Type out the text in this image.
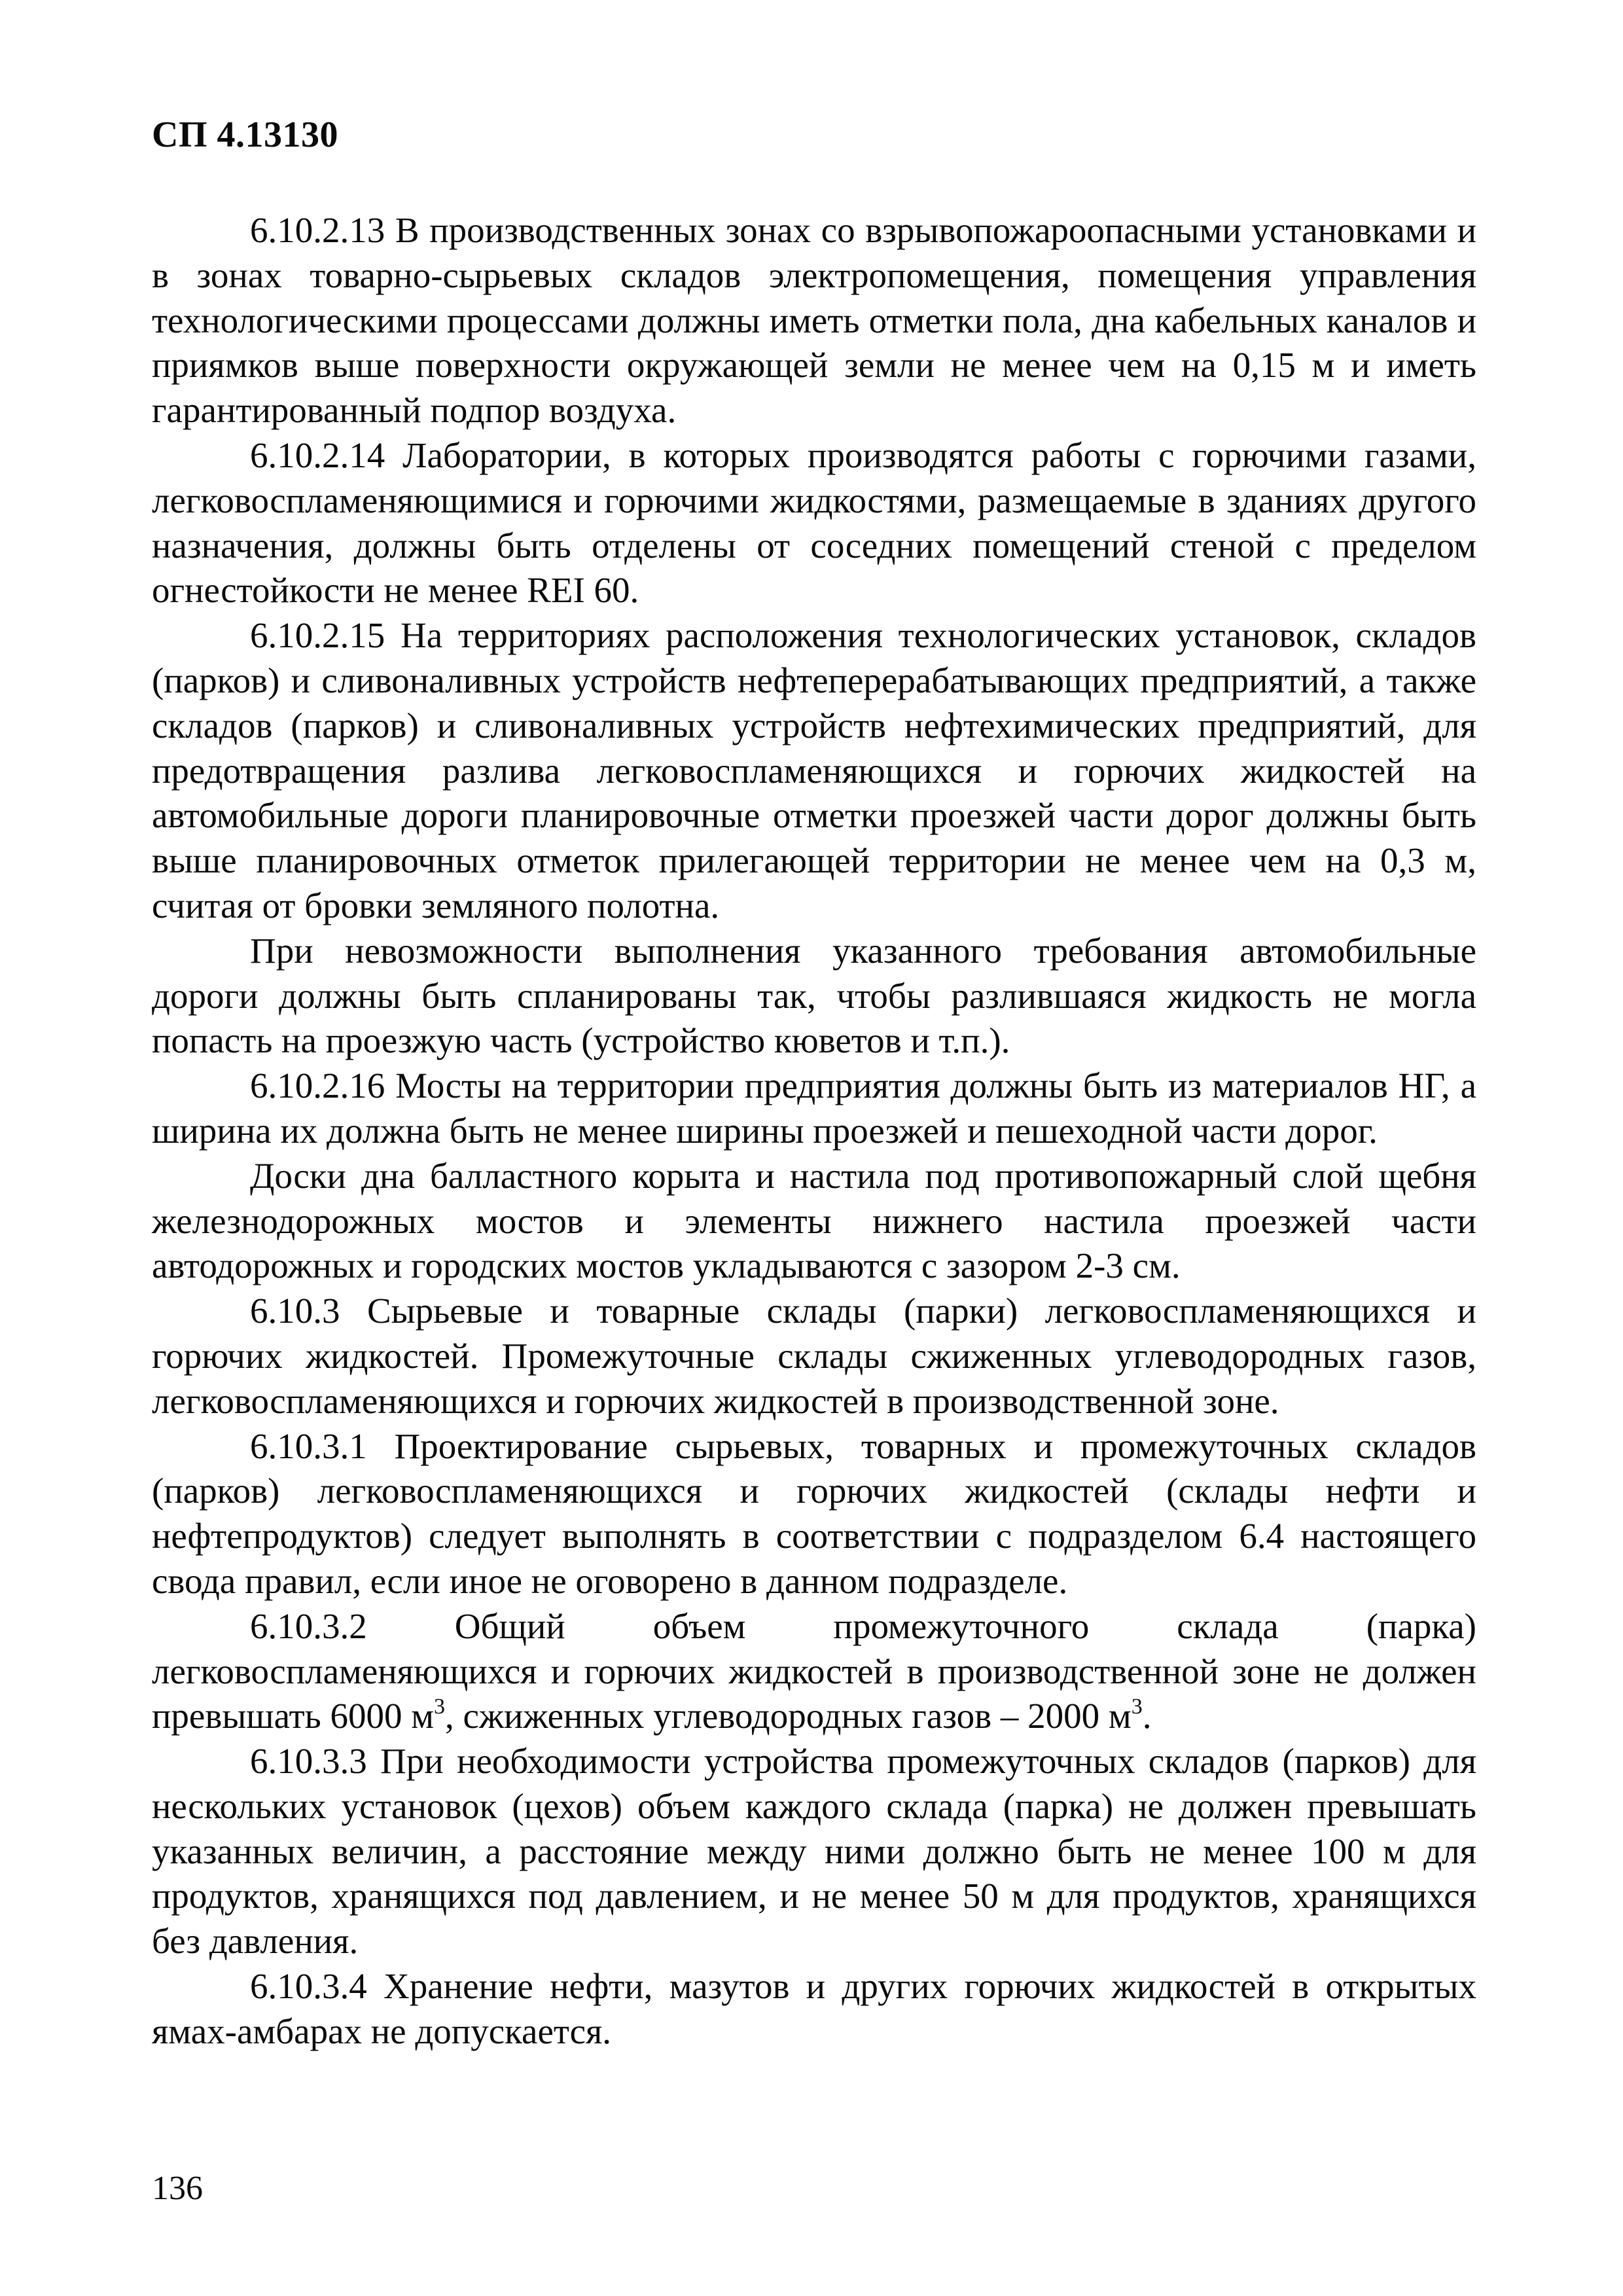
СП 4.13130

6.10.2.13 В производственных зонах со взрывопожароопасными установками и в зонах товарно-сырьевых складов электропомещения, помещения управления технологическими процессами должны иметь отметки пола, дна кабельных каналов и приямков выше поверхности окружающей земли не менее чем на 0,15 м и иметь гарантированный подпор воздуха.

6.10.2.14 Лаборатории, в которых производятся работы с горючими газами, легковоспламеняющимися и горючими жидкостями, размещаемые в зданиях другого назначения, должны быть отделены от соседних помещений стеной с пределом огнестойкости не менее REI 60.

6.10.2.15 На территориях расположения технологических установок, складов (парков) и сливоналивных устройств нефтеперерабатывающих предприятий, а также складов (парков) и сливоналивных устройств нефтехимических предприятий, для предотвращения разлива легковоспламеняющихся и горючих жидкостей на автомобильные дороги планировочные отметки проезжей части дорог должны быть выше планировочных отметок прилегающей территории не менее чем на 0,3 м, считая от бровки земляного полотна.

При невозможности выполнения указанного требования автомобильные дороги должны быть спланированы так, чтобы разлившаяся жидкость не могла попасть на проезжую часть (устройство кюветов и т.п.).

6.10.2.16 Мосты на территории предприятия должны быть из материалов НГ, а ширина их должна быть не менее ширины проезжей и пешеходной части дорог.

Доски дна балластного корыта и настила под противопожарный слой щебня железнодорожных мостов и элементы нижнего настила проезжей части автодорожных и городских мостов укладываются с зазором 2-3 см.

6.10.3 Сырьевые и товарные склады (парки) легковоспламеняющихся и горючих жидкостей. Промежуточные склады сжиженных углеводородных газов, легковоспламеняющихся и горючих жидкостей в производственной зоне.

6.10.3.1 Проектирование сырьевых, товарных и промежуточных складов (парков) легковоспламеняющихся и горючих жидкостей (склады нефти и нефтепродуктов) следует выполнять в соответствии с подразделом 6.4 настоящего свода правил, если иное не оговорено в данном подразделе.

6.10.3.2 Общий объем промежуточного склада (парка) легковоспламеняющихся и горючих жидкостей в производственной зоне не должен превышать 6000 $м^3$, сжиженных углеводородных газов – 2000 $м^3$.

6.10.3.3 При необходимости устройства промежуточных складов (парков) для нескольких установок (цехов) объем каждого склада (парка) не должен превышать указанных величин, а расстояние между ними должно быть не менее 100 м для продуктов, хранящихся под давлением, и не менее 50 м для продуктов, хранящихся без давления.

6.10.3.4 Хранение нефти, мазутов и других горючих жидкостей в открытых ямах-амбарах не допускается.

136
